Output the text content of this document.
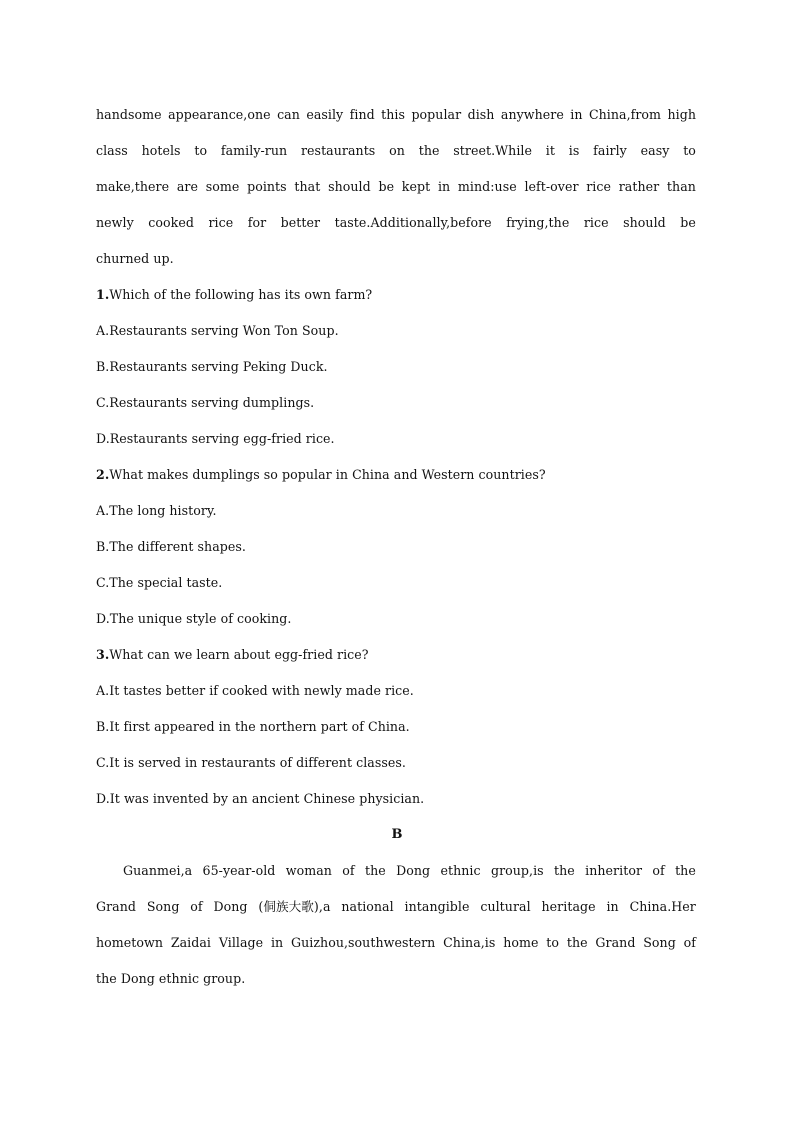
handsome appearance,one can easily find this popular dish anywhere in China,from high
class hotels to family-run restaurants on the street.While it is fairly easy to
make,there are some points that should be kept in mind:use left-over rice rather than
newly cooked rice for better taste.Additionally,before frying,the rice should be
churned up.
1.Which of the following has its own farm?
A.Restaurants serving Won Ton Soup.
B.Restaurants serving Peking Duck.
C.Restaurants serving dumplings.
D.Restaurants serving egg-fried rice.
2.What makes dumplings so popular in China and Western countries?
A.The long history.
B.The different shapes.
C.The special taste.
D.The unique style of cooking.
3.What can we learn about egg-fried rice?
A.It tastes better if cooked with newly made rice.
B.It first appeared in the northern part of China.
C.It is served in restaurants of different classes.
D.It was invented by an ancient Chinese physician.
B
Guanmei,a 65-year-old woman of the Dong ethnic group,is the inheritor of the
Grand Song of Dong (侗族大歌),a national intangible cultural heritage in China.Her
hometown Zaidai Village in Guizhou,southwestern China,is home to the Grand Song of
the Dong ethnic group.
